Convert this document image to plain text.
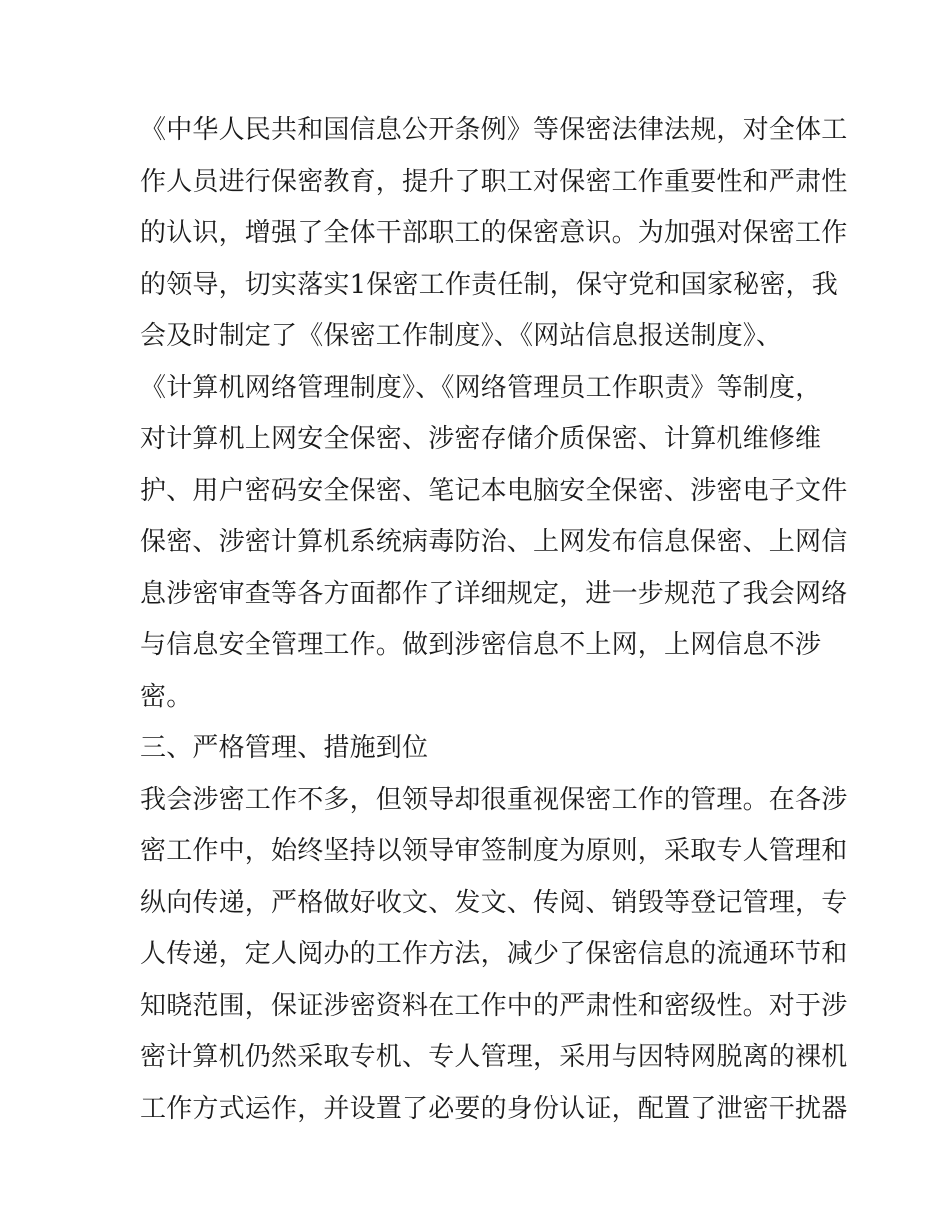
《中华人民共和国信息公开条例》等保密法律法规，对全体工
作人员进行保密教育，提升了职工对保密工作重要性和严肃性
的认识，增强了全体干部职工的保密意识。为加强对保密工作
的领导，切实落实1保密工作责任制，保守党和国家秘密，我
会及时制定了《保密工作制度》、《网站信息报送制度》、
《计算机网络管理制度》、《网络管理员工作职责》等制度，
对计算机上网安全保密、涉密存储介质保密、计算机维修维
护、用户密码安全保密、笔记本电脑安全保密、涉密电子文件
保密、涉密计算机系统病毒防治、上网发布信息保密、上网信
息涉密审查等各方面都作了详细规定，进一步规范了我会网络
与信息安全管理工作。做到涉密信息不上网，上网信息不涉
密。
三、严格管理、措施到位
我会涉密工作不多，但领导却很重视保密工作的管理。在各涉
密工作中，始终坚持以领导审签制度为原则，采取专人管理和
纵向传递，严格做好收文、发文、传阅、销毁等登记管理，专
人传递，定人阅办的工作方法，减少了保密信息的流通环节和
知晓范围，保证涉密资料在工作中的严肃性和密级性。对于涉
密计算机仍然采取专机、专人管理，采用与因特网脱离的裸机
工作方式运作，并设置了必要的身份认证，配置了泄密干扰器
